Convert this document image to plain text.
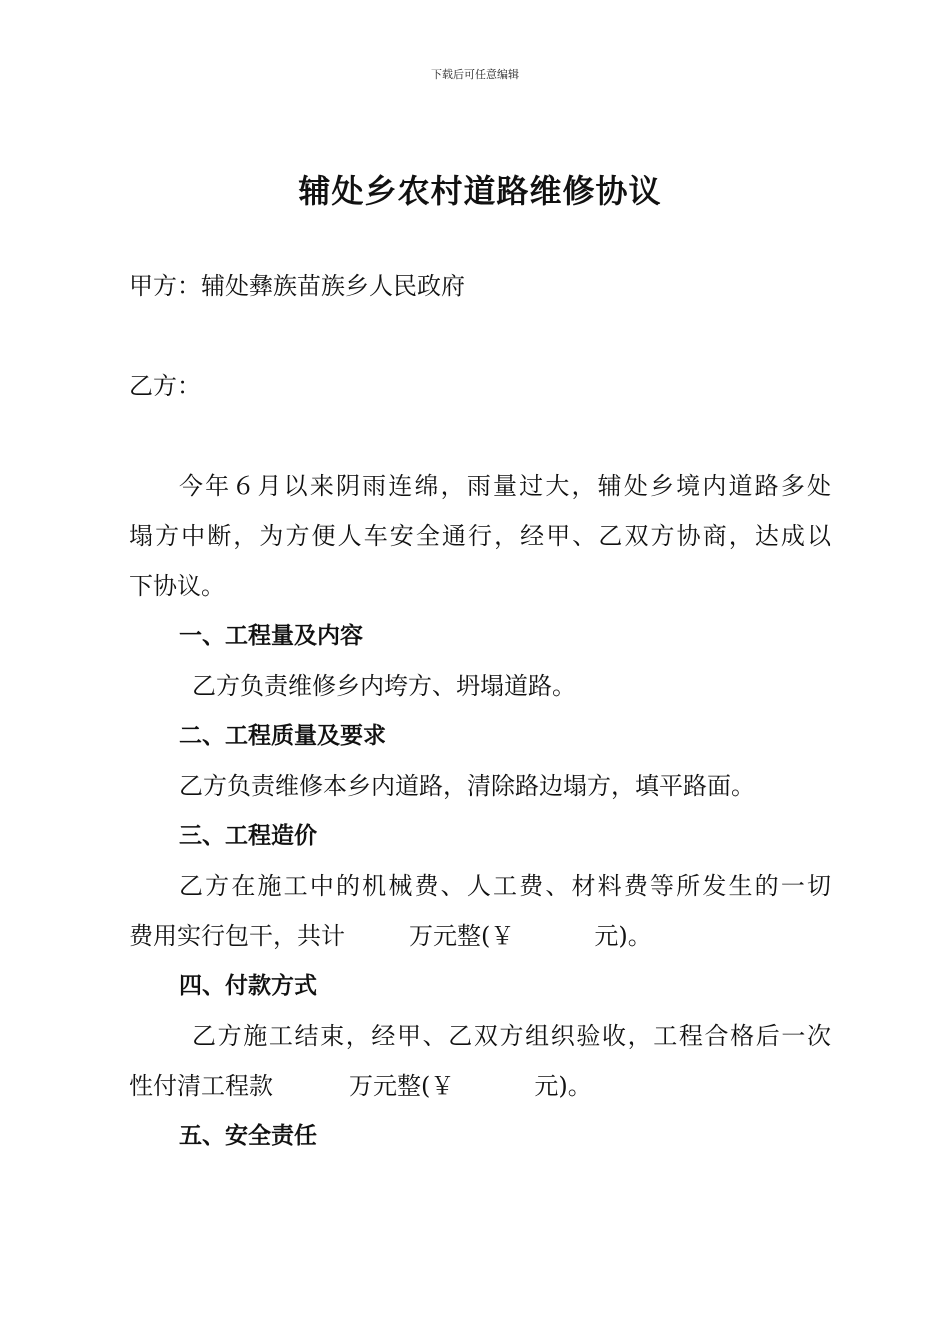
下载后可任意编辑
辅处乡农村道路维修协议
甲方：辅处彝族苗族乡人民政府
乙方：
今年６月以来阴雨连绵，雨量过大，辅处乡境内道路多处
塌方中断，为方便人车安全通行，经甲、乙双方协商，达成以
下协议。
一、工程量及内容
乙方负责维修乡内垮方、坍塌道路。
二、工程质量及要求
乙方负责维修本乡内道路，清除路边塌方，填平路面。
三、工程造价
乙方在施工中的机械费、人工费、材料费等所发生的一切
费用实行包干，共计	万元整(￥	元)。
四、付款方式
乙方施工结束，经甲、乙双方组织验收，工程合格后一次
性付清工程款	万元整(￥	元)。
五、安全责任
